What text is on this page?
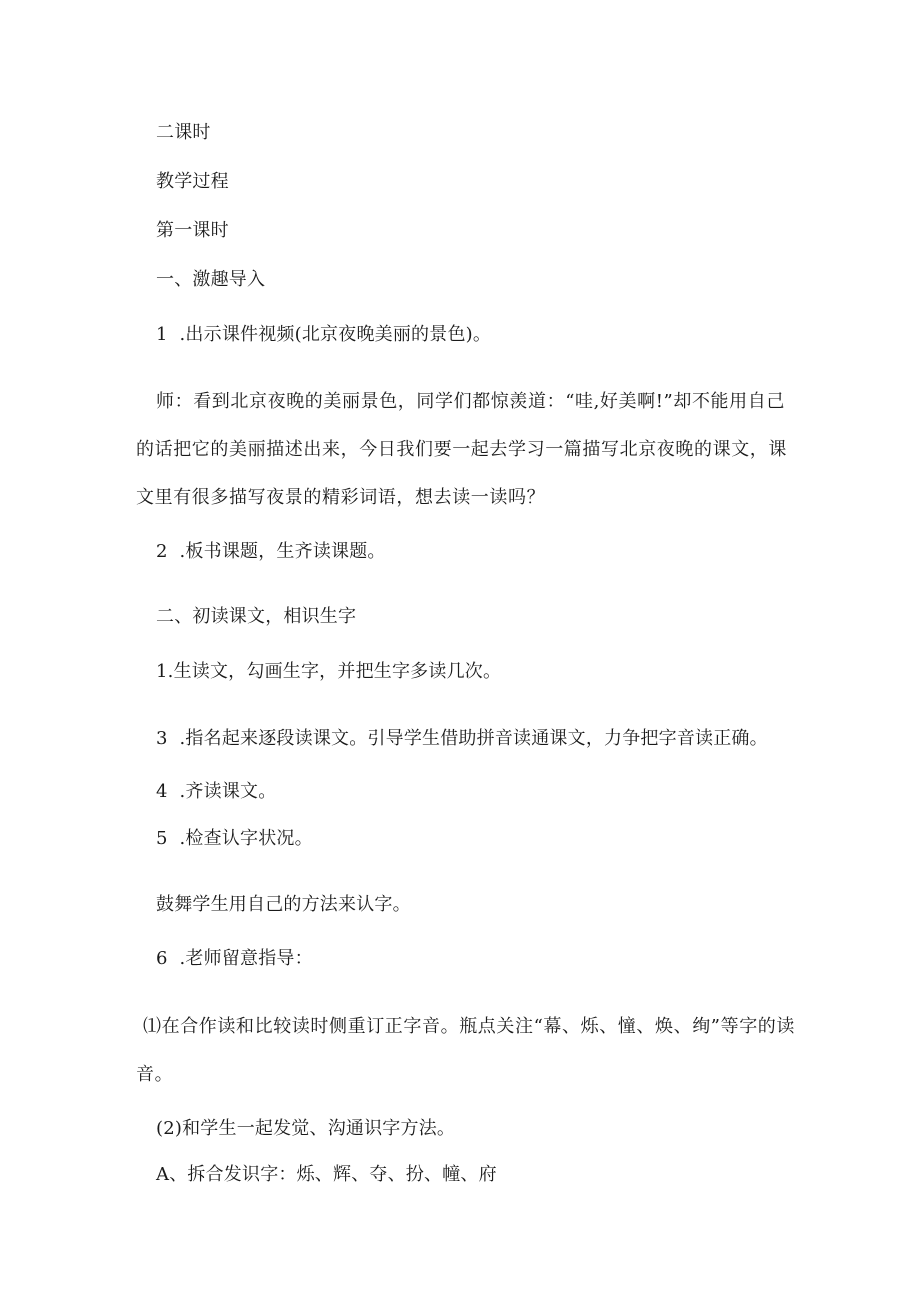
二课时
教学过程
第一课时
一、激趣导入
1  .出示课件视频(北京夜晚美丽的景色)。
师：看到北京夜晚的美丽景色，同学们都惊羡道：“哇,好美啊!”却不能用自己的话把它的美丽描述出来，今日我们要一起去学习一篇描写北京夜晚的课文，课文里有很多描写夜景的精彩词语，想去读一读吗？
2  .板书课题，生齐读课题。
二、初读课文，相识生字
1.生读文，勾画生字，并把生字多读几次。
3  .指名起来逐段读课文。引导学生借助拼音读通课文，力争把字音读正确。
4  .齐读课文。
5  .检查认字状况。
鼓舞学生用自己的方法来认字。
6  .老师留意指导：
⑴在合作读和比较读时侧重订正字音。瓶点关注“幕、烁、憧、焕、绚”等字的读音。
(2)和学生一起发觉、沟通识字方法。
A、拆合发识字：烁、辉、夺、扮、幢、府
